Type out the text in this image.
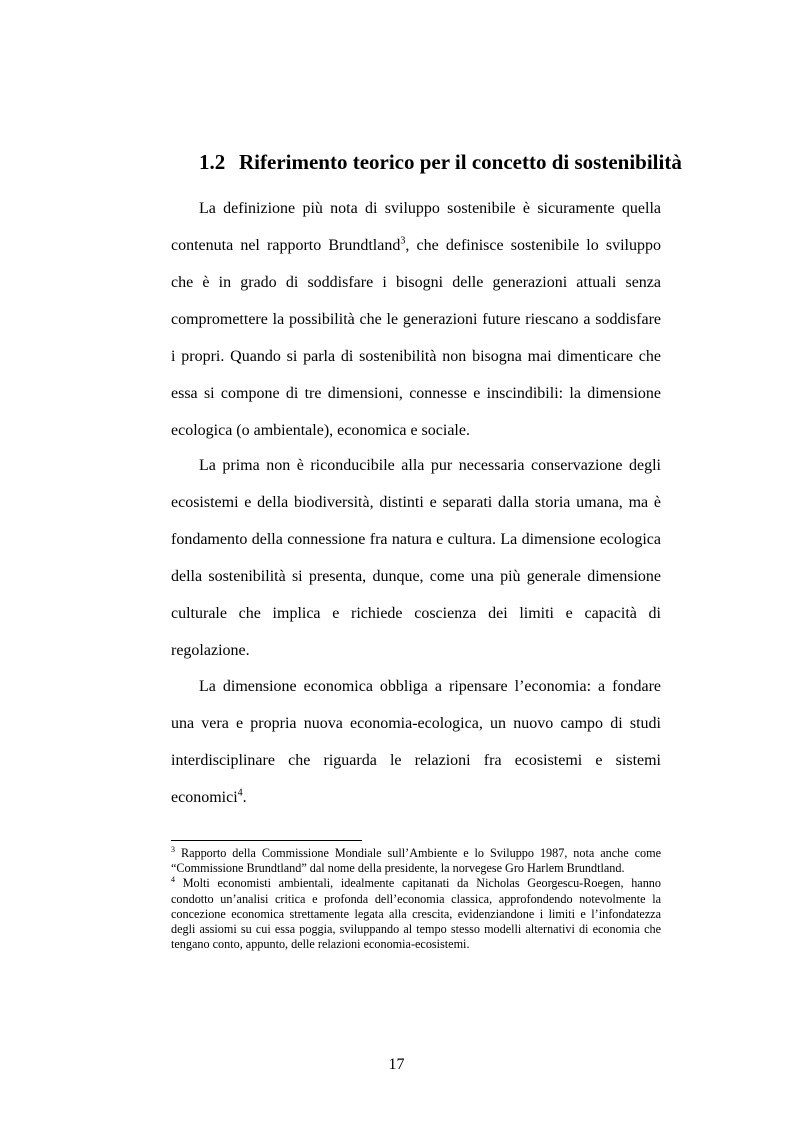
1.2 Riferimento teorico per il concetto di sostenibilità

La definizione più nota di sviluppo sostenibile è sicuramente quella contenuta nel rapporto Brundtland$^3$, che definisce sostenibile lo sviluppo che è in grado di soddisfare i bisogni delle generazioni attuali senza compromettere la possibilità che le generazioni future riescano a soddisfare i propri. Quando si parla di sostenibilità non bisogna mai dimenticare che essa si compone di tre dimensioni, connesse e inscindibili: la dimensione ecologica (o ambientale), economica e sociale.

La prima non è riconducibile alla pur necessaria conservazione degli ecosistemi e della biodiversità, distinti e separati dalla storia umana, ma è fondamento della connessione fra natura e cultura. La dimensione ecologica della sostenibilità si presenta, dunque, come una più generale dimensione culturale che implica e richiede coscienza dei limiti e capacità di regolazione.

La dimensione economica obbliga a ripensare l’economia: a fondare una vera e propria nuova economia-ecologica, un nuovo campo di studi interdisciplinare che riguarda le relazioni fra ecosistemi e sistemi economici$^4$.

$^3$ Rapporto della Commissione Mondiale sull’Ambiente e lo Sviluppo 1987, nota anche come “Commissione Brundtland” dal nome della presidente, la norvegese Gro Harlem Brundtland.

$^4$ Molti economisti ambientali, idealmente capitanati da Nicholas Georgescu-Roegen, hanno condotto un’analisi critica e profonda dell’economia classica, approfondendo notevolmente la concezione economica strettamente legata alla crescita, evidenziandone i limiti e l’infondatezza degli assiomi su cui essa poggia, sviluppando al tempo stesso modelli alternativi di economia che tengano conto, appunto, delle relazioni economia-ecosistemi.

17
